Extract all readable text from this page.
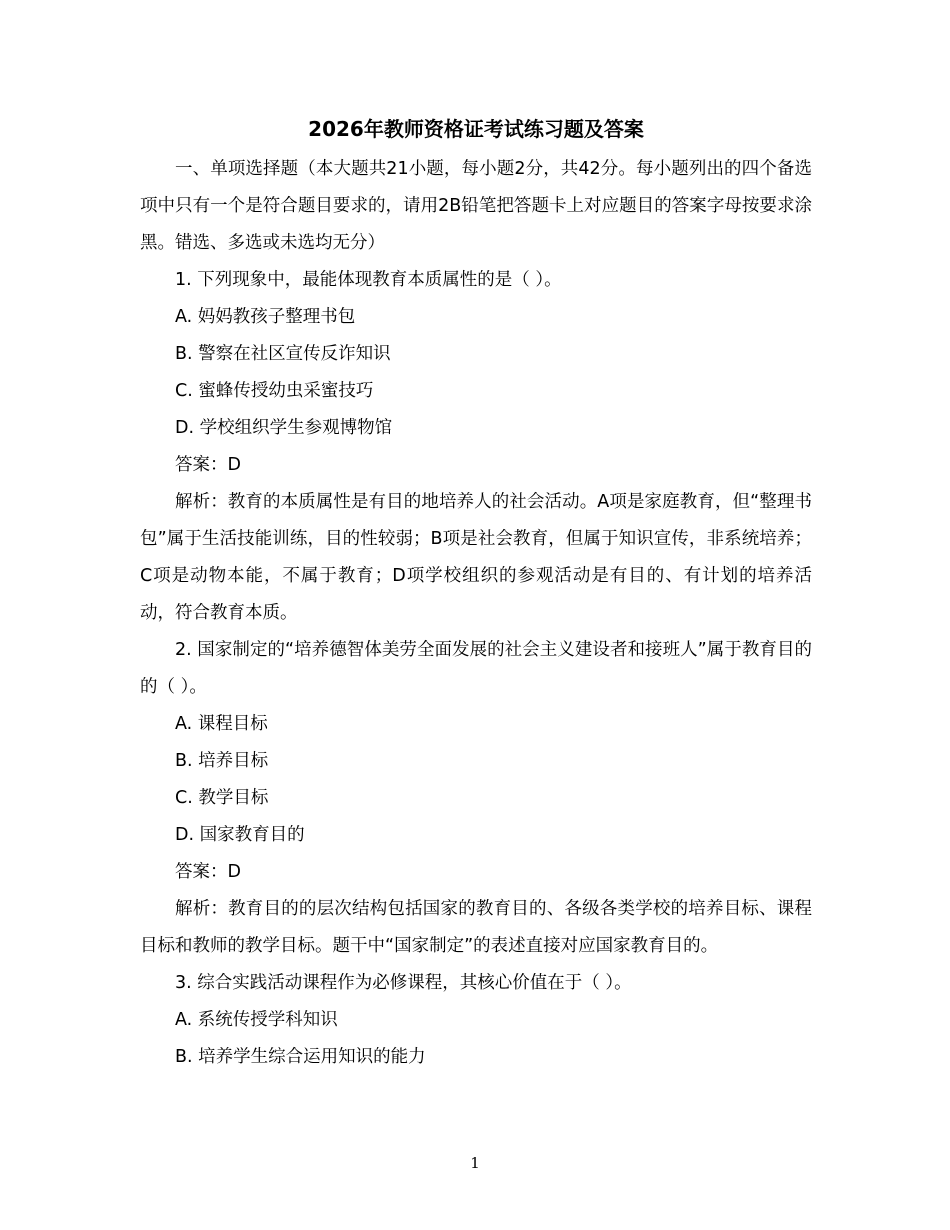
2026年教师资格证考试练习题及答案

一、单项选择题（本大题共21小题，每小题2分，共42分。每小题列出的四个备选项中只有一个是符合题目要求的，请用2B铅笔把答题卡上对应题目的答案字母按要求涂黑。错选、多选或未选均无分）

1. 下列现象中，最能体现教育本质属性的是（ ）。

A. 妈妈教孩子整理书包

B. 警察在社区宣传反诈知识

C. 蜜蜂传授幼虫采蜜技巧

D. 学校组织学生参观博物馆

答案：D

解析：教育的本质属性是有目的地培养人的社会活动。A项是家庭教育，但“整理书包”属于生活技能训练，目的性较弱；B项是社会教育，但属于知识宣传，非系统培养；C项是动物本能，不属于教育；D项学校组织的参观活动是有目的、有计划的培养活动，符合教育本质。

2. 国家制定的“培养德智体美劳全面发展的社会主义建设者和接班人”属于教育目的的（ ）。

A. 课程目标

B. 培养目标

C. 教学目标

D. 国家教育目的

答案：D

解析：教育目的的层次结构包括国家的教育目的、各级各类学校的培养目标、课程目标和教师的教学目标。题干中“国家制定”的表述直接对应国家教育目的。

3. 综合实践活动课程作为必修课程，其核心价值在于（ ）。

A. 系统传授学科知识

B. 培养学生综合运用知识的能力

1
